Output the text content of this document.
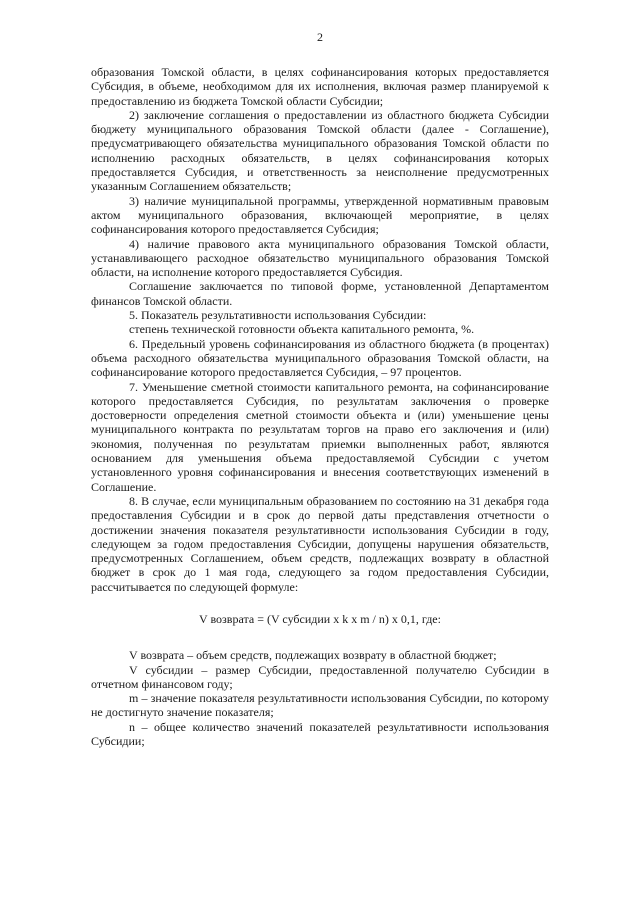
2

образования Томской области, в целях софинансирования которых предоставляется Субсидия, в объеме, необходимом для их исполнения, включая размер планируемой к предоставлению из бюджета Томской области Субсидии;

2) заключение соглашения о предоставлении из областного бюджета Субсидии бюджету муниципального образования Томской области (далее - Соглашение), предусматривающего обязательства муниципального образования Томской области по исполнению расходных обязательств, в целях софинансирования которых предоставляется Субсидия, и ответственность за неисполнение предусмотренных указанным Соглашением обязательств;

3) наличие муниципальной программы, утвержденной нормативным правовым актом муниципального образования, включающей мероприятие, в целях софинансирования которого предоставляется Субсидия;

4) наличие правового акта муниципального образования Томской области, устанавливающего расходное обязательство муниципального образования Томской области, на исполнение которого предоставляется Субсидия.

Соглашение заключается по типовой форме, установленной Департаментом финансов Томской области.

5. Показатель результативности использования Субсидии:

степень технической готовности объекта капитального ремонта, %.

6. Предельный уровень софинансирования из областного бюджета (в процентах) объема расходного обязательства муниципального образования Томской области, на софинансирование которого предоставляется Субсидия, – 97 процентов.

7. Уменьшение сметной стоимости капитального ремонта, на софинансирование которого предоставляется Субсидия, по результатам заключения о проверке достоверности определения сметной стоимости объекта и (или) уменьшение цены муниципального контракта по результатам торгов на право его заключения и (или) экономия, полученная по результатам приемки выполненных работ, являются основанием для уменьшения объема предоставляемой Субсидии с учетом установленного уровня софинансирования и внесения соответствующих изменений в Соглашение.

8. В случае, если муниципальным образованием по состоянию на 31 декабря года предоставления Субсидии и в срок до первой даты представления отчетности о достижении значения показателя результативности использования Субсидии в году, следующем за годом предоставления Субсидии, допущены нарушения обязательств, предусмотренных Соглашением, объем средств, подлежащих возврату в областной бюджет в срок до 1 мая года, следующего за годом предоставления Субсидии, рассчитывается по следующей формуле:

V возврата = (V субсидии x k x m / n) x 0,1, где:

V возврата – объем средств, подлежащих возврату в областной бюджет;

V субсидии – размер Субсидии, предоставленной получателю Субсидии в отчетном финансовом году;

m – значение показателя результативности использования Субсидии, по которому не достигнуто значение показателя;

n – общее количество значений показателей результативности использования Субсидии;
